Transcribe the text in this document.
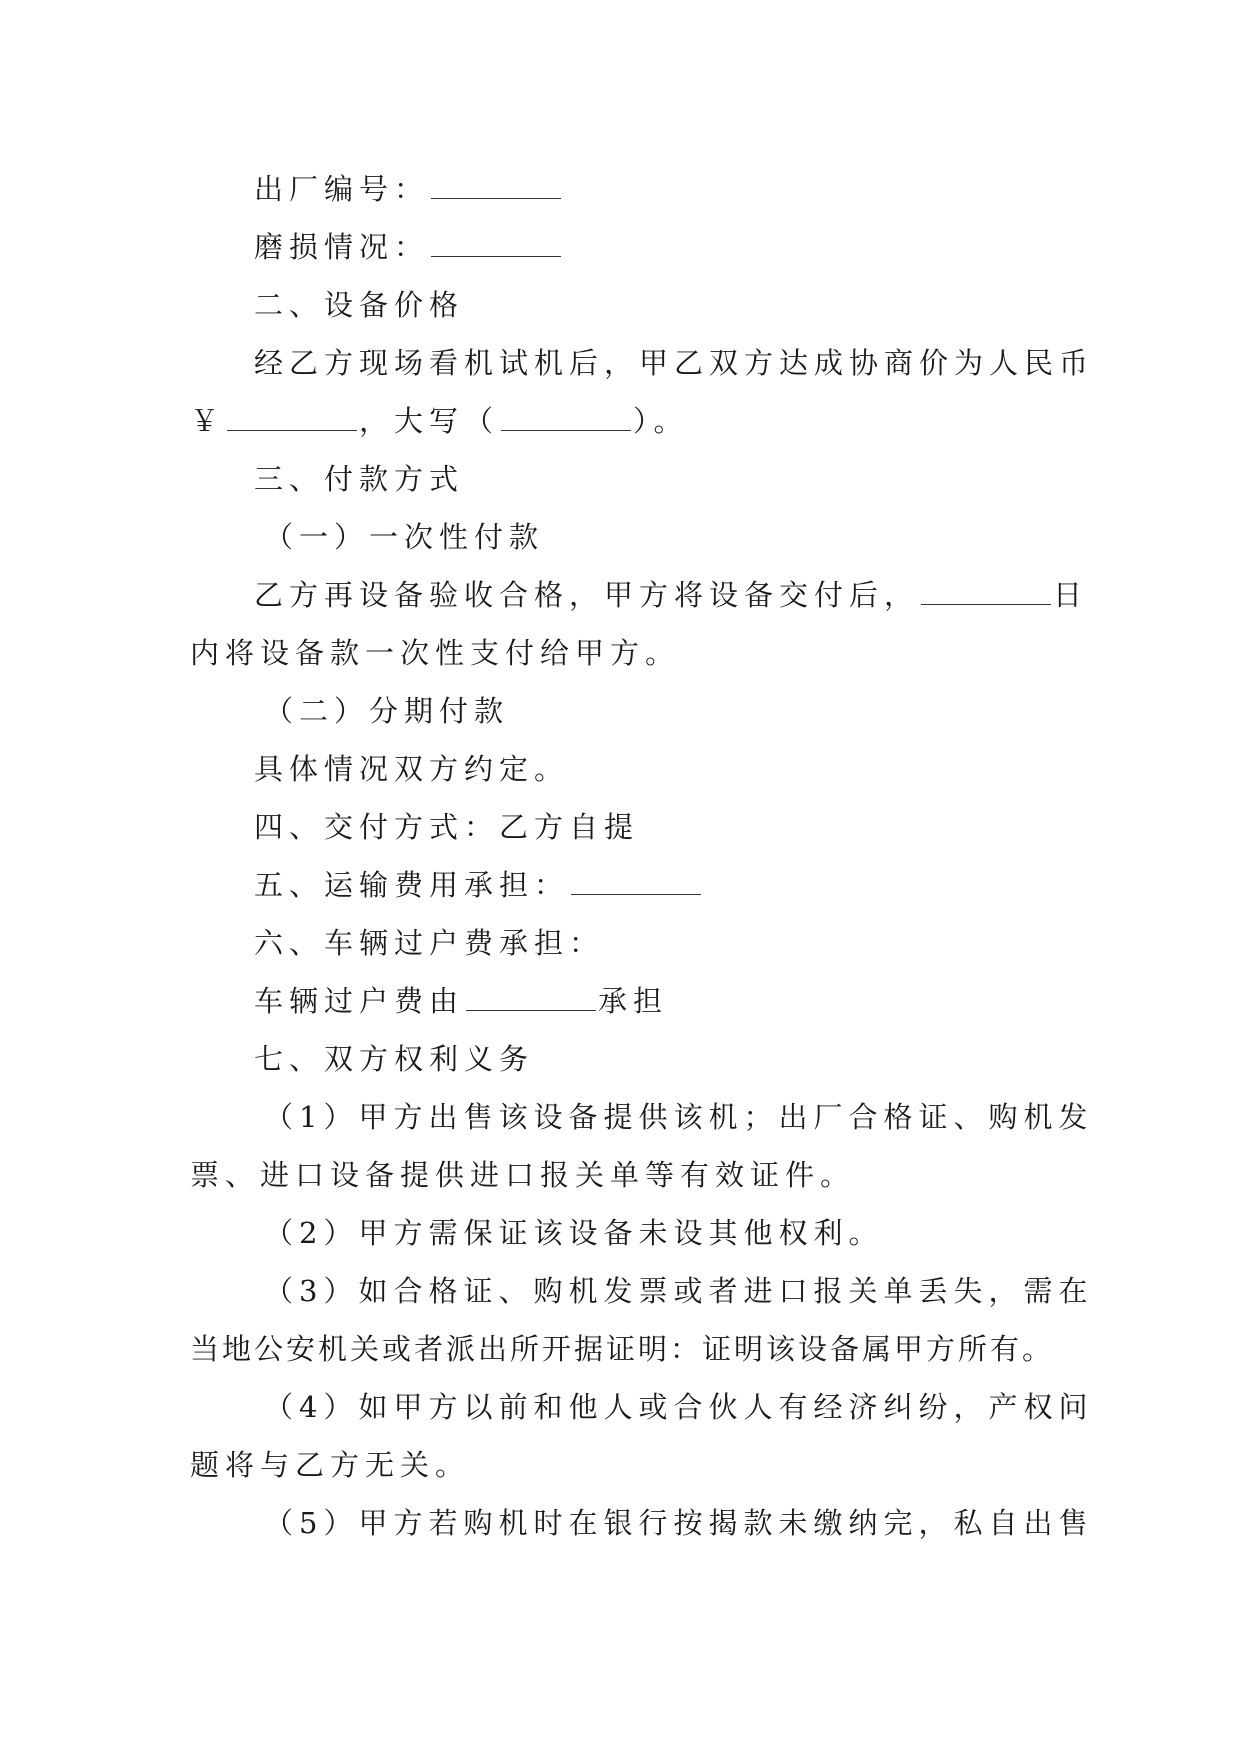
出厂编号：
磨损情况：
二、设备价格
经乙方现场看机试机后，甲乙双方达成协商价为人民币
￥	，大写（	）。
三、付款方式
（一）一次性付款
乙方再设备验收合格，甲方将设备交付后，	日
内将设备款一次性支付给甲方。
（二）分期付款
具体情况双方约定。
四、交付方式：乙方自提
五、运输费用承担：
六、车辆过户费承担：
车辆过户费由	承担
七、双方权利义务
（1）甲方出售该设备提供该机；出厂合格证、购机发
票、进口设备提供进口报关单等有效证件。
（2）甲方需保证该设备未设其他权利。
（3）如合格证、购机发票或者进口报关单丢失，需在
当地公安机关或者派出所开据证明：证明该设备属甲方所有。
（4）如甲方以前和他人或合伙人有经济纠纷，产权问
题将与乙方无关。
（5）甲方若购机时在银行按揭款未缴纳完，私自出售
